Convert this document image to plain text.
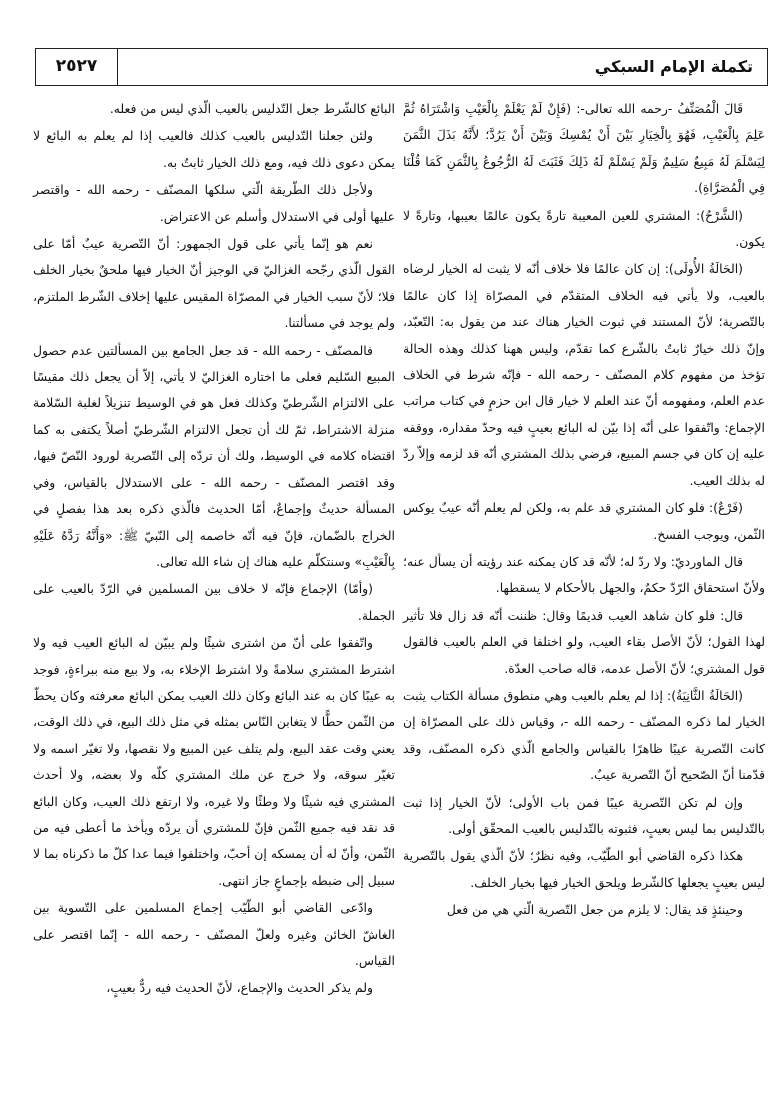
تكملة الإمام السبكي
٢٥٢٧

قَالَ الْمُصَنِّفُ -رحمه الله تعالى-: (فَإِنْ لَمْ يَعْلَمْ بِالْعَيْبِ وَاشْتَرَاهُ ثُمَّ عَلِمَ بِالْعَيْبِ، فَهُوَ بِالْخِيَارِ بَيْنَ أَنْ يُمْسِكَ وَبَيْنَ أَنْ يَرُدَّ؛ لأَنَّهُ بَذَلَ الثَّمَنَ لِيَسْلَمَ لَهُ مَبِيعٌ سَلِيمٌ وَلَمْ يَسْلَمْ لَهُ ذَلِكَ فَثَبَتَ لَهُ الرُّجُوعُ بِالثَّمَنِ كَمَا قُلْنَا فِي الْمُصَرَّاةِ).

(الشَّرْحُ): المشتري للعين المعيبة تارةً يكون عالمًا بعيبها، وتارةً لا يكون.

(الحَالَةُ الأُولَى): إن كان عالمًا فلا خلاف أنّه لا يثبت له الخيار لرضاه بالعيب، ولا يأتي فيه الخلاف المتقدّم في المصرّاة إذا كان عالمًا بالتّصرية؛ لأنّ المستند في ثبوت الخيار هناك عند من يقول به: التّعبّد، وإنّ ذلك خيارٌ ثابتٌ بالشّرع كما تقدّم، وليس ههنا كذلك وهذه الحالة تؤخذ من مفهوم كلام المصنّف - رحمه الله - فإنّه شرط في الخلاف عدم العلم، ومفهومه أنّ عند العلم لا خيار قال ابن حزمٍ في كتاب مراتب الإجماع: واتّفقوا على أنّه إذا بيّن له البائع بعيبٍ فيه وحدّ مقداره، ووقفه عليه إن كان في جسم المبيع، فرضي بذلك المشتري أنّه قد لزمه وإلاّ ردّ له بذلك العيب.

(فَرْعٌ): فلو كان المشتري قد علم به، ولكن لم يعلم أنّه عيبٌ يوكس الثّمن، ويوجب الفسخ.

قال الماورديّ: ولا ردّ له؛ لأنّه قد كان يمكنه عند رؤيته أن يسأل عنه؛ ولأنّ استحقاق الرّدّ حكمٌ، والجهل بالأحكام لا يسقطها.

قال: فلو كان شاهد العيب قديمًا وقال: ظننت أنّه قد زال فلا تأثير لهذا القول؛ لأنّ الأصل بقاء العيب، ولو اختلفا في العلم بالعيب فالقول قول المشتري؛ لأنّ الأصل عدمه، قاله صاحب العدّة.

(الحَالَةُ الثَّانِيَةُ): إذا لم يعلم بالعيب وهي منطوق مسألة الكتاب يثبت الخيار لما ذكره المصنّف - رحمه الله -، وقياس ذلك على المصرّاة إن كانت التّصرية عيبًا ظاهرًا بالقياس والجامع الّذي ذكره المصنّف، وقد قدّمنا أنّ الصّحيح أنّ التّصرية عيبٌ.

وإن لم تكن التّصرية عيبًا فمن باب الأولى؛ لأنّ الخيار إذا ثبت بالتّدليس بما ليس بعيبٍ، فثبوته بالتّدليس بالعيب المحقّق أولى.

هكذا ذكره القاضي أبو الطّيّب، وفيه نظرٌ؛ لأنّ الّذي يقول بالتّصرية ليس بعيبٍ يجعلها كالشّرط ويلحق الخيار فيها بخيار الخلف.

وحينئذٍ قد يقال: لا يلزم من جعل التّصرية الّتي هي من فعل

البائع كالشّرط جعل التّدليس بالعيب الّذي ليس من فعله.

ولئن جعلنا التّدليس بالعيب كذلك فالعيب إذا لم يعلم به البائع لا يمكن دعوى ذلك فيه، ومع ذلك الخيار ثابتٌ به.

ولأجل ذلك الطّريقة الّتي سلكها المصنّف - رحمه الله - واقتصر عليها أولى في الاستدلال وأسلم عن الاعتراض.

نعم هو إنّما يأتي على قول الجمهور: أنّ التّصرية عيبٌ أمّا على القول الّذي رجّحه الغزاليّ في الوجيز أنّ الخيار فيها ملحقٌ بخيار الخلف فلا؛ لأنّ سبب الخيار في المصرّاة المقيس عليها إخلاف الشّرط الملتزم، ولم يوجد في مسألتنا.

فالمصنّف - رحمه الله - قد جعل الجامع بين المسألتين عدم حصول المبيع السّليم فعلى ما اختاره الغزاليّ لا يأتي، إلاّ أن يجعل ذلك مقيسًا على الالتزام الشّرطيّ وكذلك فعل هو في الوسيط تنزيلاً لغلبة السّلامة منزلة الاشتراط، ثمّ لك أن تجعل الالتزام الشّرطيّ أصلاً يكتفى به كما اقتضاه كلامه في الوسيط، ولك أن تردّه إلى التّصرية لورود النّصّ فيها، وقد اقتصر المصنّف - رحمه الله - على الاستدلال بالقياس، وفي المسألة حديثٌ وإجماعٌ، أمّا الحديث فالّذي ذكره بعد هذا بفصلٍ في الخراج بالضّمان، فإنّ فيه أنّه خاصمه إلى النّبيّ ﷺ: «وَأَنَّهُ رَدَّهُ عَلَيْهِ بِالْعَيْبِ» وسنتكلّم عليه هناك إن شاء الله تعالى.

(وأمّا) الإجماع فإنّه لا خلاف بين المسلمين في الرّدّ بالعيب على الجملة.

واتّفقوا على أنّ من اشترى شيئًا ولم يبيّن له البائع العيب فيه ولا اشترط المشتري سلامةً ولا اشترط الإخلاء به، ولا بيع منه ببراءةٍ، فوجد به عيبًا كان به عند البائع وكان ذلك العيب يمكن البائع معرفته وكان يحطّ من الثّمن حطًّا لا يتغابن النّاس بمثله في مثل ذلك البيع، في ذلك الوقت، يعني وقت عقد البيع، ولم يتلف عين المبيع ولا نقصها، ولا تغيّر اسمه ولا تغيّر سوقه، ولا خرج عن ملك المشتري كلّه ولا بعضه، ولا أحدث المشتري فيه شيئًا ولا وطئًا ولا غيره، ولا ارتفع ذلك العيب، وكان البائع قد نقد فيه جميع الثّمن فإنّ للمشتري أن يردّه ويأخذ ما أعطى فيه من الثّمن، وأنّ له أن يمسكه إن أحبّ، واختلفوا فيما عدا كلّ ما ذكرناه بما لا سبيل إلى ضبطه بإجماعٍ جاز انتهى.

وادّعى القاضي أبو الطّيّب إجماع المسلمين على التّسوية بين الغاشّ الخائن وغيره ولعلّ المصنّف - رحمه الله - إنّما اقتصر على القياس.

ولم يذكر الحديث والإجماع، لأنّ الحديث فيه ردٌّ بعيبٍ،
